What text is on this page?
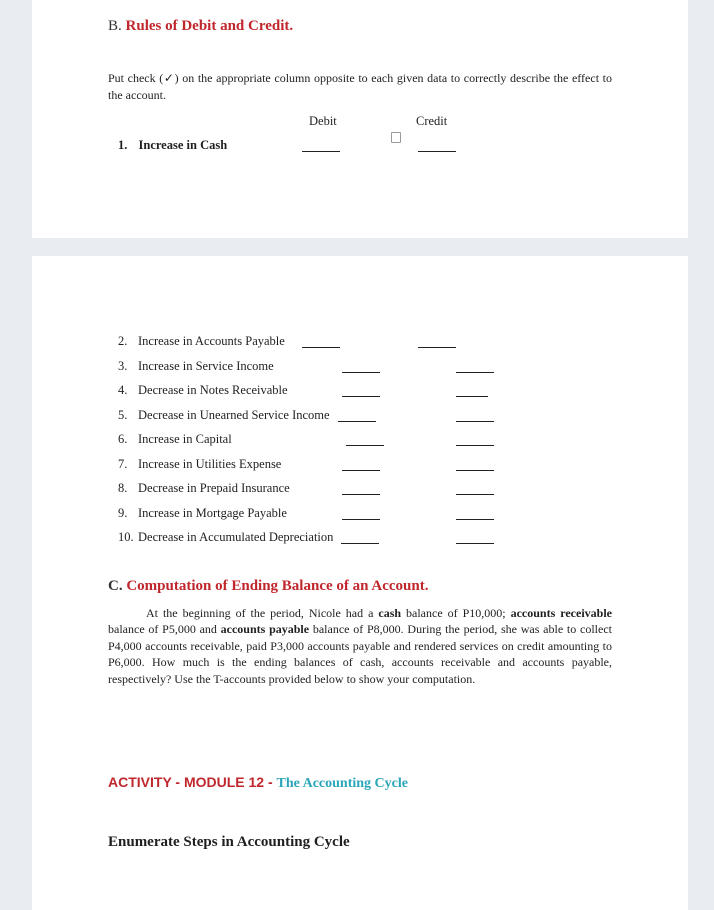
B. Rules of Debit and Credit.
Put check (✓) on the appropriate column opposite to each given data to correctly describe the effect to the account.
Debit	Credit
1. Increase in Cash
2. Increase in Accounts Payable
3. Increase in Service Income
4. Decrease in Notes Receivable
5. Decrease in Unearned Service Income
6. Increase in Capital
7. Increase in Utilities Expense
8. Decrease in Prepaid Insurance
9. Increase in Mortgage Payable
10. Decrease in Accumulated Depreciation
C. Computation of Ending Balance of an Account.
At the beginning of the period, Nicole had a cash balance of P10,000; accounts receivable balance of P5,000 and accounts payable balance of P8,000. During the period, she was able to collect P4,000 accounts receivable, paid P3,000 accounts payable and rendered services on credit amounting to P6,000. How much is the ending balances of cash, accounts receivable and accounts payable, respectively? Use the T-accounts provided below to show your computation.
ACTIVITY - MODULE 12 - The Accounting Cycle
Enumerate Steps in Accounting Cycle
